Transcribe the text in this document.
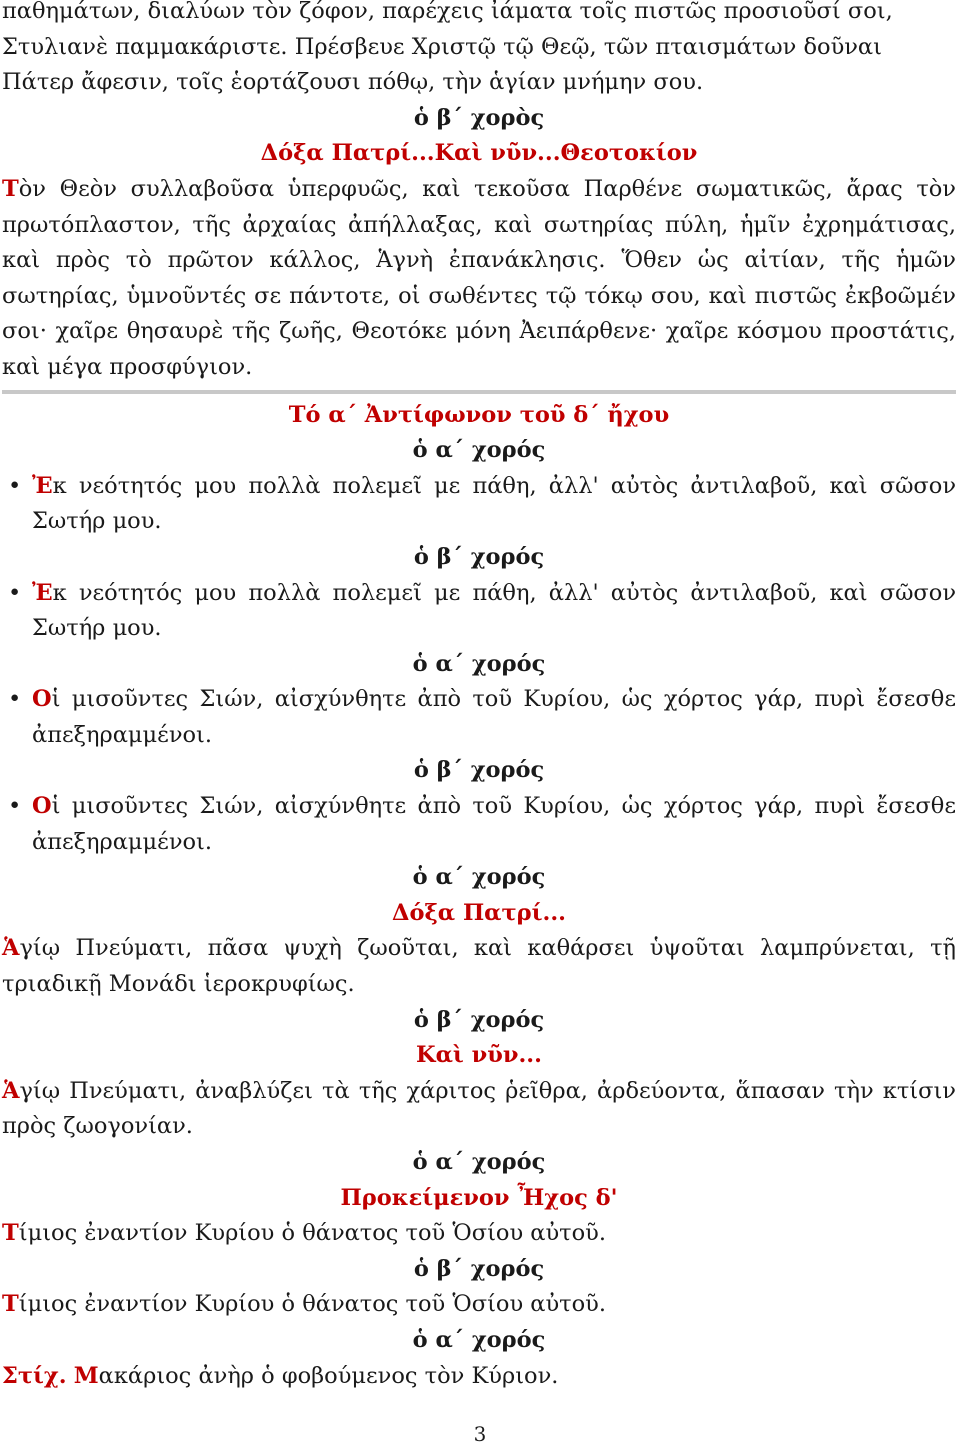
παθημάτων, διαλύων τὸν ζόφον, παρέχεις ἰάματα τοῖς πιστῶς προσιοῦσί σοι,

Στυλιανὲ παμμακάριστε. Πρέσβευε Χριστῷ τῷ Θεῷ, τῶν πταισμάτων δοῦναι

Πάτερ ἄφεσιν, τοῖς ἑορτάζουσι πόθῳ, τὴν ἁγίαν μνήμην σου.

ὁ β΄ χορὸς
Δόξα Πατρί...Καὶ νῦν...Θεοτοκίον
Τὸν Θεὸν συλλαβοῦσα ὑπερφυῶς, καὶ τεκοῦσα Παρθένε σωματικῶς, ἄρας τὸν πρωτόπλαστον, τῆς ἀρχαίας ἀπήλλαξας, καὶ σωτηρίας πύλη, ἡμῖν ἐχρημάτισας, καὶ πρὸς τὸ πρῶτον κάλλος, Ἁγνὴ ἐπανάκλησις. Ὅθεν ὡς αἰτίαν, τῆς ἡμῶν σωτηρίας, ὑμνοῦντές σε πάντοτε, οἱ σωθέντες τῷ τόκῳ σου, καὶ πιστῶς ἐκβοῶμέν σοι· χαῖρε θησαυρὲ τῆς ζωῆς, Θεοτόκε μόνη Ἀειπάρθενε· χαῖρε κόσμου προστάτις, καὶ μέγα προσφύγιον.
Τό α΄ Ἀντίφωνον τοῦ δ΄ ἤχου
ὁ α΄ χορός
• Ἐκ νεότητός μου πολλὰ πολεμεῖ με πάθη, ἀλλ' αὐτὸς ἀντιλαβοῦ, καὶ σῶσον Σωτήρ μου.
ὁ β΄ χορός
• Ἐκ νεότητός μου πολλὰ πολεμεῖ με πάθη, ἀλλ' αὐτὸς ἀντιλαβοῦ, καὶ σῶσον Σωτήρ μου.
ὁ α΄ χορός
• Οἱ μισοῦντες Σιών, αἰσχύνθητε ἀπὸ τοῦ Κυρίου, ὡς χόρτος γάρ, πυρὶ ἔσεσθε ἀπεξηραμμένοι.
ὁ β΄ χορός
• Οἱ μισοῦντες Σιών, αἰσχύνθητε ἀπὸ τοῦ Κυρίου, ὡς χόρτος γάρ, πυρὶ ἔσεσθε ἀπεξηραμμένοι.
ὁ α΄ χορός
Δόξα Πατρί...
Ἁγίῳ Πνεύματι, πᾶσα ψυχὴ ζωοῦται, καὶ καθάρσει ὑψοῦται λαμπρύνεται, τῇ τριαδικῇ Μονάδι ἱεροκρυφίως.
ὁ β΄ χορός
Καὶ νῦν...
Ἁγίῳ Πνεύματι, ἀναβλύζει τὰ τῆς χάριτος ῥεῖθρα, ἀρδεύοντα, ἅπασαν τὴν κτίσιν πρὸς ζωογονίαν.
ὁ α΄ χορός
Προκείμενον Ἦχος δ'
Τίμιος ἐναντίον Κυρίου ὁ θάνατος τοῦ Ὁσίου αὐτοῦ.
ὁ β΄ χορός
Τίμιος ἐναντίον Κυρίου ὁ θάνατος τοῦ Ὁσίου αὐτοῦ.
ὁ α΄ χορός
Στίχ. Μακάριος ἀνὴρ ὁ φοβούμενος τὸν Κύριον.
3
